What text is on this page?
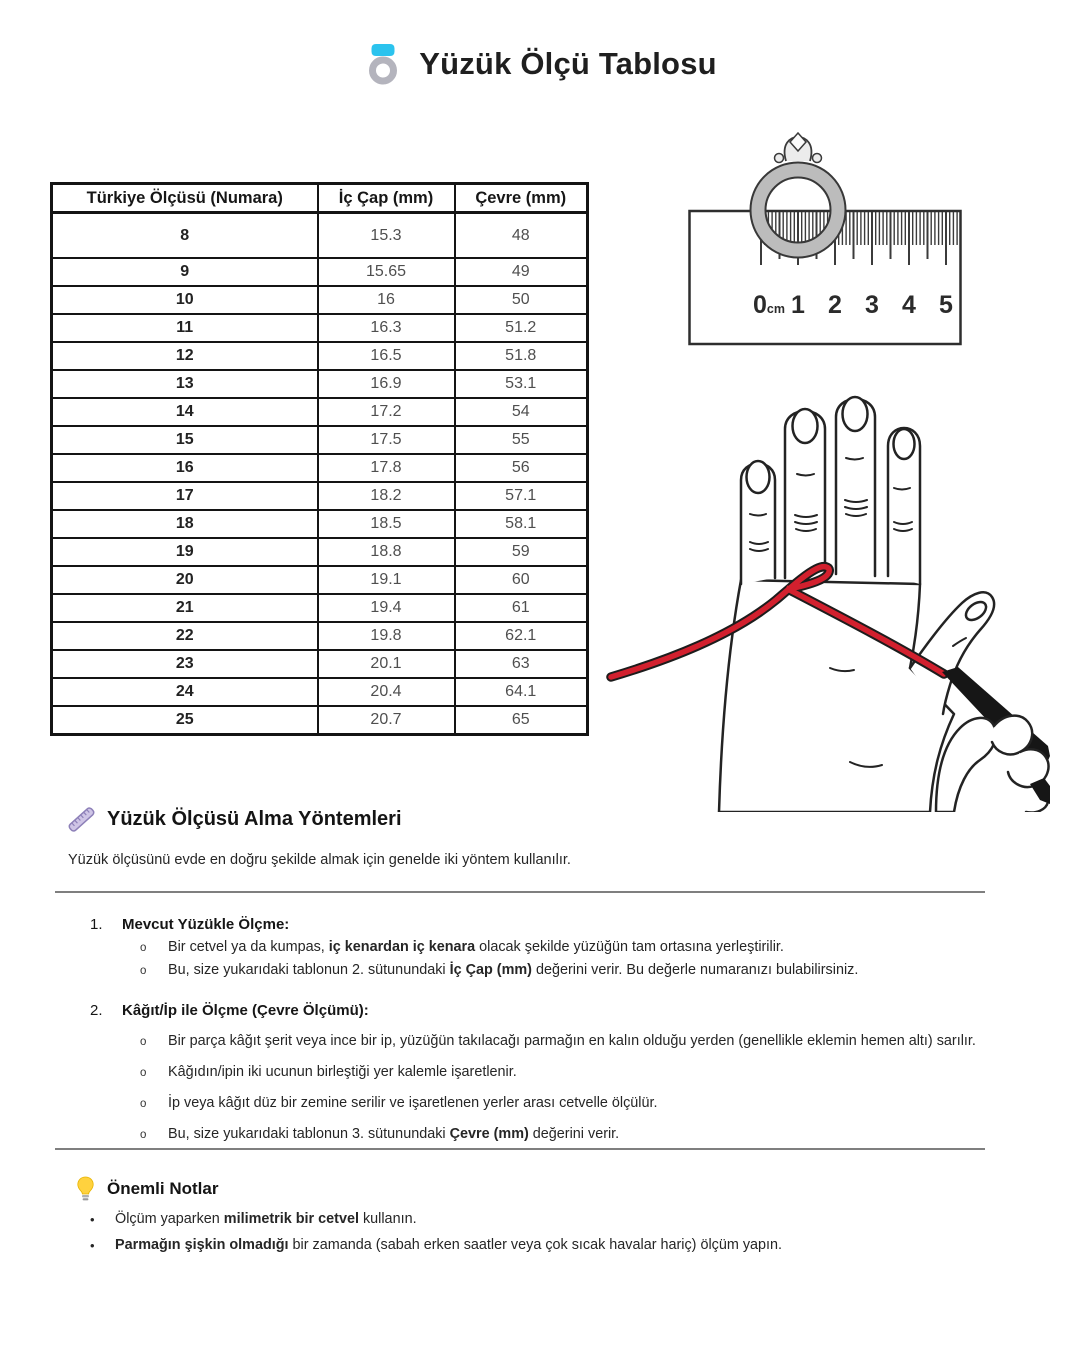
Yüzük Ölçü Tablosu
Türkiye Ölçüsü (Numara)	İç Çap (mm)	Çevre (mm)
8	15.3	48
9	15.65	49
10	16	50
11	16.3	51.2
12	16.5	51.8
13	16.9	53.1
14	17.2	54
15	17.5	55
16	17.8	56
17	18.2	57.1
18	18.5	58.1
19	18.8	59
20	19.1	60
21	19.4	61
22	19.8	62.1
23	20.1	63
24	20.4	64.1
25	20.7	65
0cm 1 2 3 4 5
Yüzük Ölçüsü Alma Yöntemleri
Yüzük ölçüsünü evde en doğru şekilde almak için genelde iki yöntem kullanılır.
1.	Mevcut Yüzükle Ölçme:
o	Bir cetvel ya da kumpas, iç kenardan iç kenara olacak şekilde yüzüğün tam ortasına yerleştirilir.
o	Bu, size yukarıdaki tablonun 2. sütunundaki İç Çap (mm) değerini verir. Bu değerle numaranızı bulabilirsiniz.
2.	Kâğıt/İp ile Ölçme (Çevre Ölçümü):
o	Bir parça kâğıt şerit veya ince bir ip, yüzüğün takılacağı parmağın en kalın olduğu yerden (genellikle eklemin hemen altı) sarılır.
o	Kâğıdın/ipin iki ucunun birleştiği yer kalemle işaretlenir.
o	İp veya kâğıt düz bir zemine serilir ve işaretlenen yerler arası cetvelle ölçülür.
o	Bu, size yukarıdaki tablonun 3. sütunundaki Çevre (mm) değerini verir.
Önemli Notlar
•	Ölçüm yaparken milimetrik bir cetvel kullanın.
•	Parmağın şişkin olmadığı bir zamanda (sabah erken saatler veya çok sıcak havalar hariç) ölçüm yapın.
